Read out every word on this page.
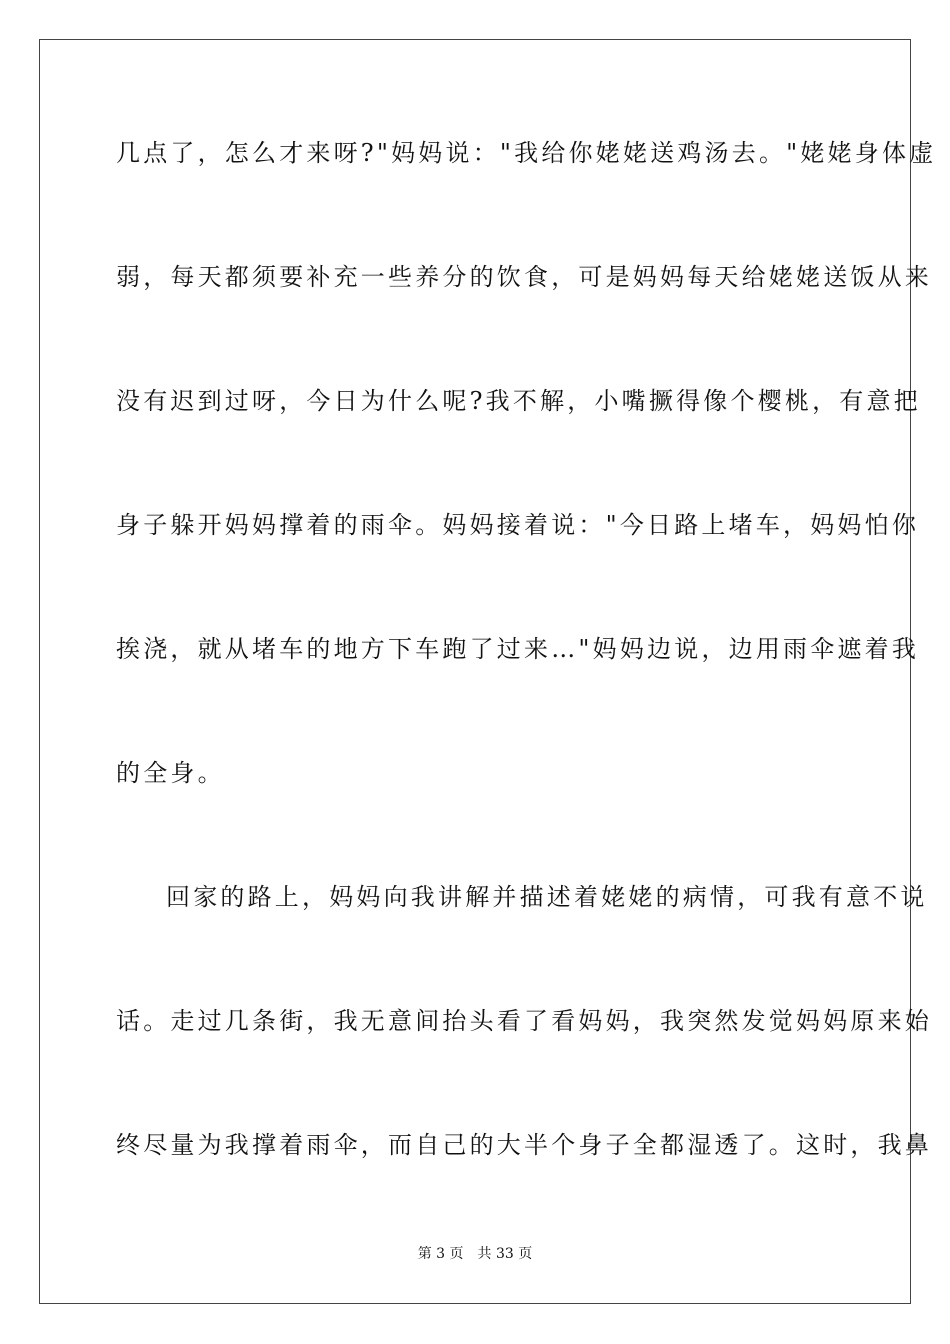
几点了，怎么才来呀?"妈妈说："我给你姥姥送鸡汤去。"姥姥身体虚
弱，每天都须要补充一些养分的饮食，可是妈妈每天给姥姥送饭从来
没有迟到过呀，今日为什么呢?我不解，小嘴撅得像个樱桃，有意把
身子躲开妈妈撑着的雨伞。妈妈接着说："今日路上堵车，妈妈怕你
挨浇，就从堵车的地方下车跑了过来…"妈妈边说，边用雨伞遮着我
的全身。
回家的路上，妈妈向我讲解并描述着姥姥的病情，可我有意不说
话。走过几条街，我无意间抬头看了看妈妈，我突然发觉妈妈原来始
终尽量为我撑着雨伞，而自己的大半个身子全都湿透了。这时，我鼻
第 3 页 共 33 页
